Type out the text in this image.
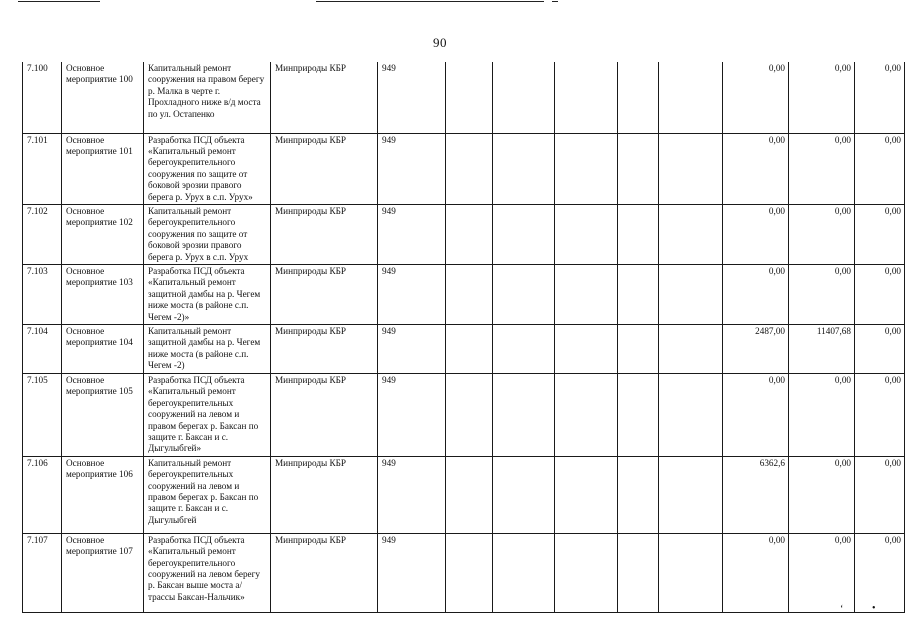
90
7.100	Основное мероприятие 100	Капитальный ремонт сооружения на правом берегу р. Малка в черте г. Прохладного ниже в/д моста по ул. Остапенко	Минприроды КБР	949						0,00	0,00	0,00
7.101	Основное мероприятие 101	Разработка ПСД объекта «Капитальный ремонт берегоукрепительного сооружения по защите от боковой эрозии правого берега р. Урух в с.п. Урух»	Минприроды КБР	949						0,00	0,00	0,00
7.102	Основное мероприятие 102	Капитальный ремонт берегоукрепительного сооружения по защите от боковой эрозии правого берега р. Урух в с.п. Урух	Минприроды КБР	949						0,00	0,00	0,00
7.103	Основное мероприятие 103	Разработка ПСД объекта «Капитальный ремонт защитной дамбы на р. Чегем ниже моста (в районе с.п. Чегем -2)»	Минприроды КБР	949						0,00	0,00	0,00
7.104	Основное мероприятие 104	Капитальный ремонт защитной дамбы на р. Чегем ниже моста (в районе с.п. Чегем -2)	Минприроды КБР	949						2487,00	11407,68	0,00
7.105	Основное мероприятие 105	Разработка ПСД объекта «Капитальный ремонт берегоукрепительных сооружений на левом и правом берегах р. Баксан по защите г. Баксан и с. Дыгулыбгей»	Минприроды КБР	949						0,00	0,00	0,00
7.106	Основное мероприятие 106	Капитальный ремонт берегоукрепительных сооружений на левом и правом берегах р. Баксан по защите г. Баксан и с. Дыгулыбгей	Минприроды КБР	949						6362,6	0,00	0,00
7.107	Основное мероприятие 107	Разработка ПСД объекта «Капитальный ремонт берегоукрепительного сооружений на левом берегу р. Баксан выше моста а/трассы Баксан-Нальчик»	Минприроды КБР	949						0,00	0,00	0,00
ʻ	•
